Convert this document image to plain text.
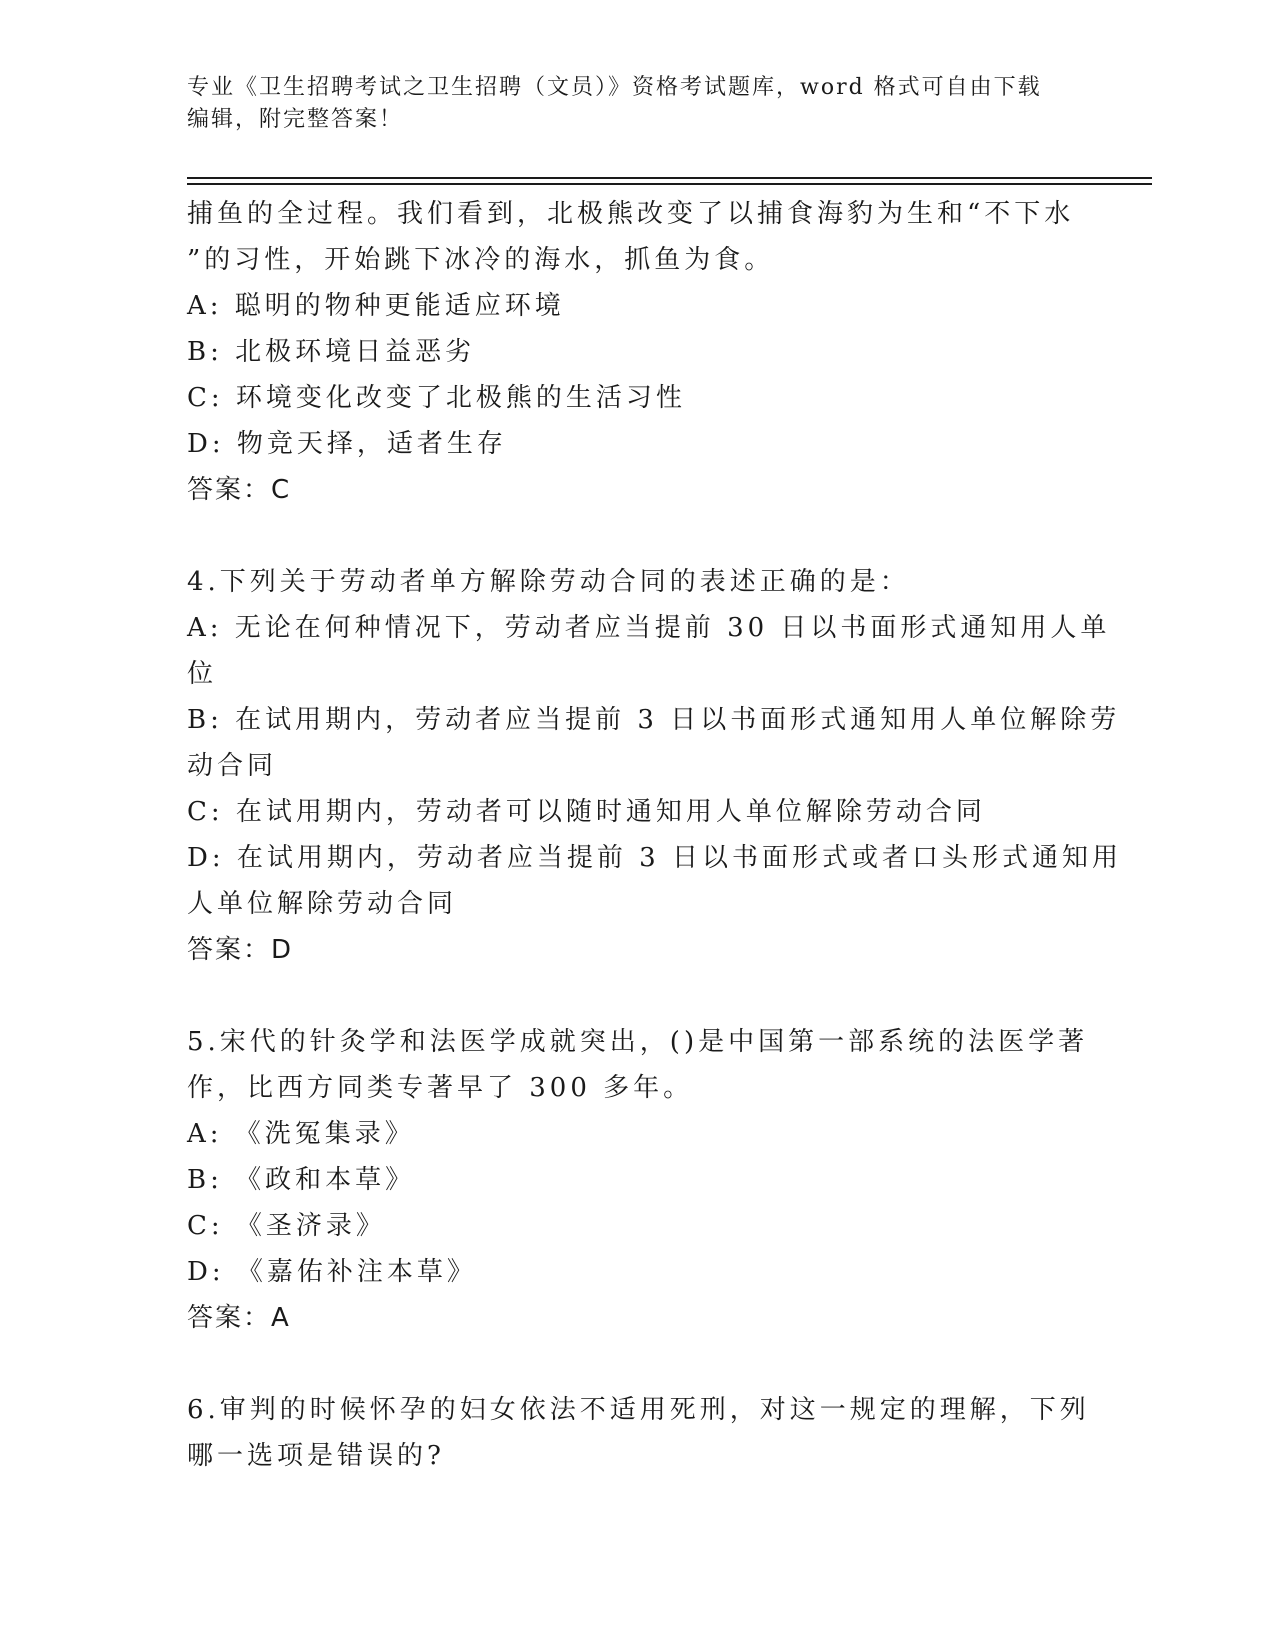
专业《卫生招聘考试之卫生招聘（文员）》资格考试题库，word 格式可自由下载
编辑，附完整答案！
捕鱼的全过程。我们看到，北极熊改变了以捕食海豹为生和“不下水
”的习性，开始跳下冰冷的海水，抓鱼为食。
A: 聪明的物种更能适应环境
B: 北极环境日益恶劣
C: 环境变化改变了北极熊的生活习性
D: 物竞天择，适者生存
答案：C
4.下列关于劳动者单方解除劳动合同的表述正确的是：
A: 无论在何种情况下，劳动者应当提前 30 日以书面形式通知用人单
位
B: 在试用期内，劳动者应当提前 3 日以书面形式通知用人单位解除劳
动合同
C: 在试用期内，劳动者可以随时通知用人单位解除劳动合同
D: 在试用期内，劳动者应当提前 3 日以书面形式或者口头形式通知用
人单位解除劳动合同
答案：D
5.宋代的针灸学和法医学成就突出，()是中国第一部系统的法医学著
作，比西方同类专著早了 300 多年。
A: 《洗冤集录》
B: 《政和本草》
C: 《圣济录》
D: 《嘉佑补注本草》
答案：A
6.审判的时候怀孕的妇女依法不适用死刑，对这一规定的理解，下列
哪一选项是错误的?
